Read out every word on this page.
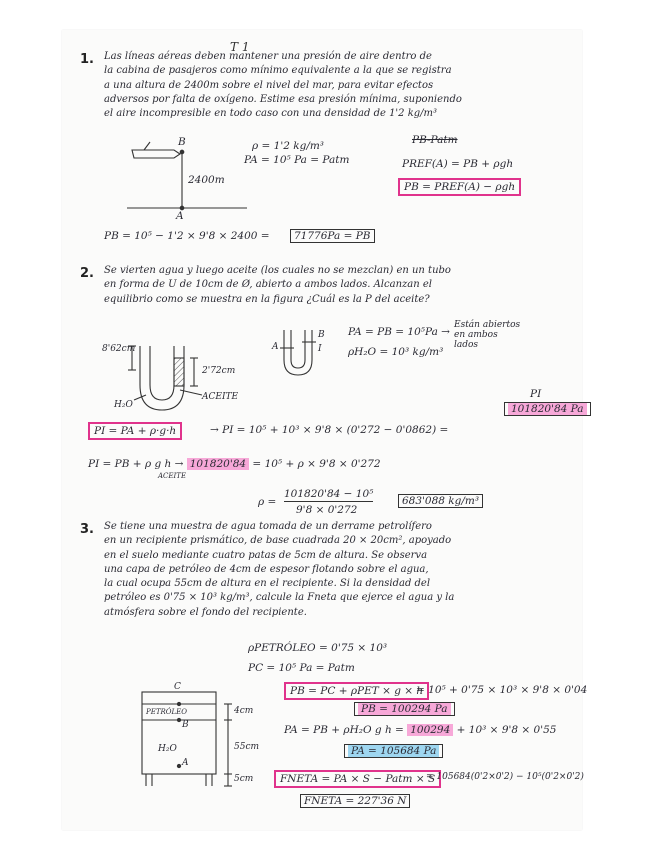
T 1
1. Las líneas aéreas deben mantener una presión de aire dentro de
la cabina de pasajeros como mínimo equivalente a la que se registra
a una altura de 2400m sobre el nivel del mar, para evitar efectos
adversos por falta de oxígeno. Estime esa presión mínima, suponiendo
el aire incompresible en todo caso con una densidad de 1'2 kg/m³
B
A
2400m
ρ = 1'2 kg/m³
PA = 10⁵ Pa = Patm
PB-Patm
PREF(A) = PB + ρgh
PB = PREF(A) − ρgh
PB = 10⁵ − 1'2 × 9'8 × 2400 =	71776Pa = PB
2. Se vierten agua y luego aceite (los cuales no se mezclan) en un tubo
en forma de U de 10cm de Ø, abierto a ambos lados. Alcanzan el
equilibrio como se muestra en la figura ¿Cuál es la P del aceite?
8'62cm
2'72cm
H₂O
ACEITE
A
B
I
PA = PB = 10⁵Pa →
Están abiertos
en ambos
lados
ρH₂O = 10³ kg/m³
PI
PI = PA + ρ·g·h	→ PI = 10⁵ + 10³ × 9'8 × (0'272 − 0'0862) =
101820'84 Pa
PI = PB + ρ g h → 101820'84 = 10⁵ + ρ × 9'8 × 0'272
ACEITE
ρ =
101820'84 − 10⁵
9'8 × 0'272
683'088 kg/m³
3. Se tiene una muestra de agua tomada de un derrame petrolífero
en un recipiente prismático, de base cuadrada 20 × 20cm², apoyado
en el suelo mediante cuatro patas de 5cm de altura. Se observa
una capa de petróleo de 4cm de espesor flotando sobre el agua,
la cual ocupa 55cm de altura en el recipiente. Si la densidad del
petróleo es 0'75 × 10³ kg/m³, calcule la Fneta que ejerce el agua y la
atmósfera sobre el fondo del recipiente.
C
PETRÓLEO
B
H₂O
A
4cm
55cm
5cm
ρPETRÓLEO = 0'75 × 10³
PC = 10⁵ Pa = Patm
PB = PC + ρPET × g × h
= 10⁵ + 0'75 × 10³ × 9'8 × 0'04
PB = 100294 Pa
PA = PB + ρH₂O g h = 100294 + 10³ × 9'8 × 0'55
PA = 105684 Pa
FNETA = PA × S − Patm × S
= 105684(0'2×0'2) − 10⁵(0'2×0'2)
FNETA = 227'36 N
